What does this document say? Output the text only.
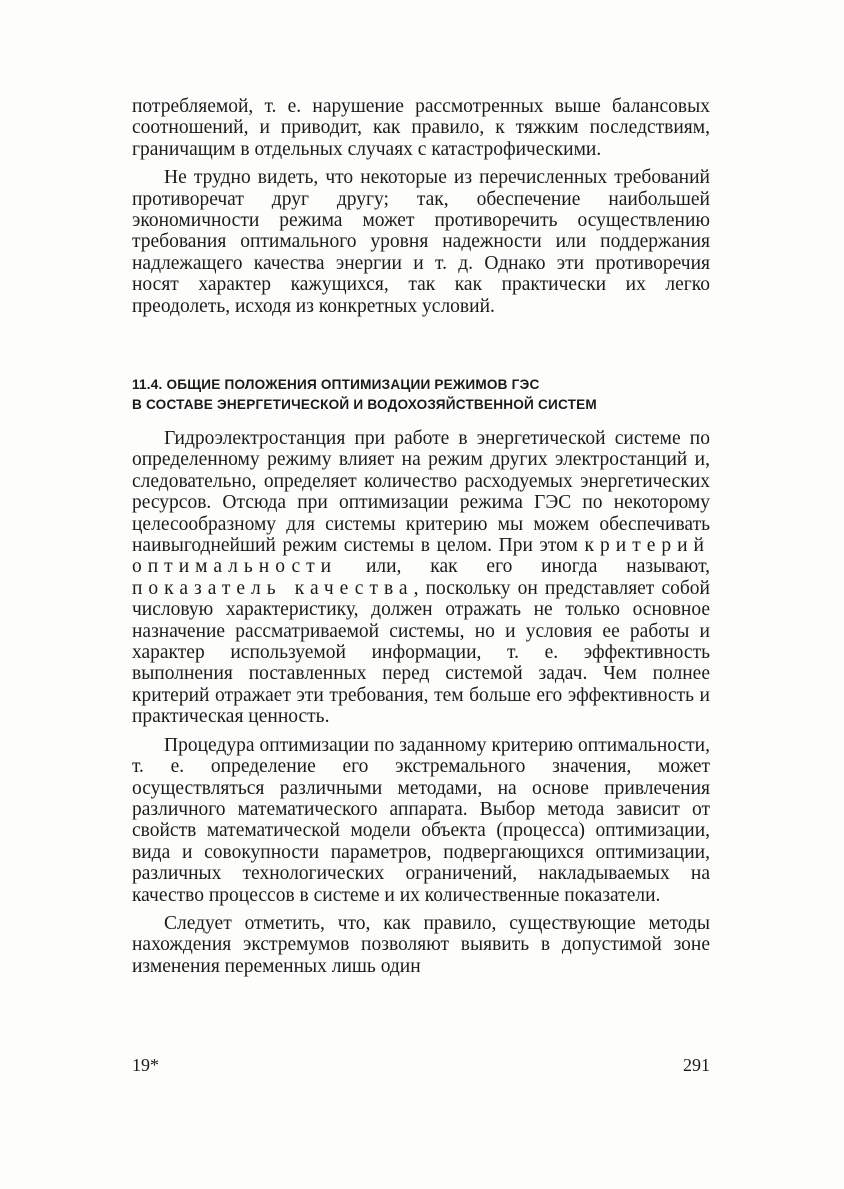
потребляемой, т. е. нарушение рассмотренных выше балансовых соотношений, и приводит, как правило, к тяжким последствиям, граничащим в отдельных случаях с катастрофическими.

Не трудно видеть, что некоторые из перечисленных требований противоречат друг другу; так, обеспечение наибольшей экономичности режима может противоречить осуществлению требования оптимального уровня надежности или поддержания надлежащего качества энергии и т. д. Однако эти противоречия носят характер кажущихся, так как практически их легко преодолеть, исходя из конкретных условий.

11.4. ОБЩИЕ ПОЛОЖЕНИЯ ОПТИМИЗАЦИИ РЕЖИМОВ ГЭС
В СОСТАВЕ ЭНЕРГЕТИЧЕСКОЙ И ВОДОХОЗЯЙСТВЕННОЙ СИСТЕМ

Гидроэлектростанция при работе в энергетической системе по определенному режиму влияет на режим других электростанций и, следовательно, определяет количество расходуемых энергетических ресурсов. Отсюда при оптимизации режима ГЭС по некоторому целесообразному для системы критерию мы можем обеспечивать наивыгоднейший режим системы в целом. При этом критерий оптимальности или, как его иногда называют, показатель качества, поскольку он представляет собой числовую характеристику, должен отражать не только основное назначение рассматриваемой системы, но и условия ее работы и характер используемой информации, т. е. эффективность выполнения поставленных перед системой задач. Чем полнее критерий отражает эти требования, тем больше его эффективность и практическая ценность.

Процедура оптимизации по заданному критерию оптимальности, т. е. определение его экстремального значения, может осуществляться различными методами, на основе привлечения различного математического аппарата. Выбор метода зависит от свойств математической модели объекта (процесса) оптимизации, вида и совокупности параметров, подвергающихся оптимизации, различных технологических ограничений, накладываемых на качество процессов в системе и их количественные показатели.

Следует отметить, что, как правило, существующие методы нахождения экстремумов позволяют выявить в допустимой зоне изменения переменных лишь один

19*	291
